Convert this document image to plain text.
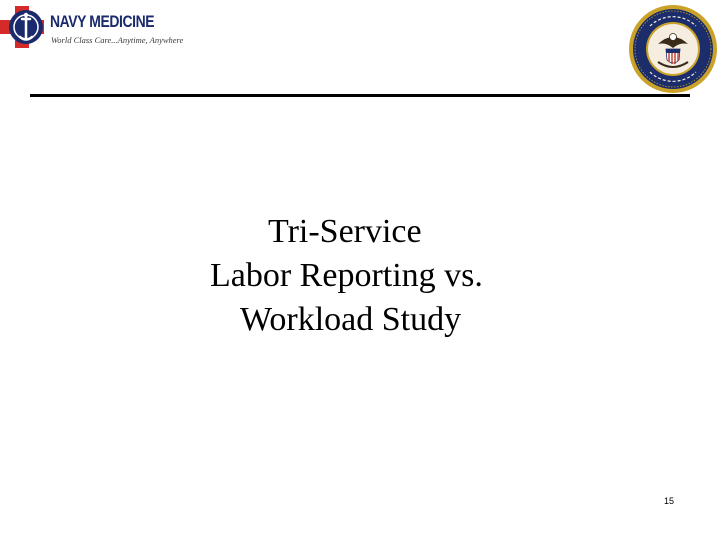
NAVY MEDICINE
World Class Care...Anytime, Anywhere
Tri-Service
Labor Reporting vs.
Workload Study
15
